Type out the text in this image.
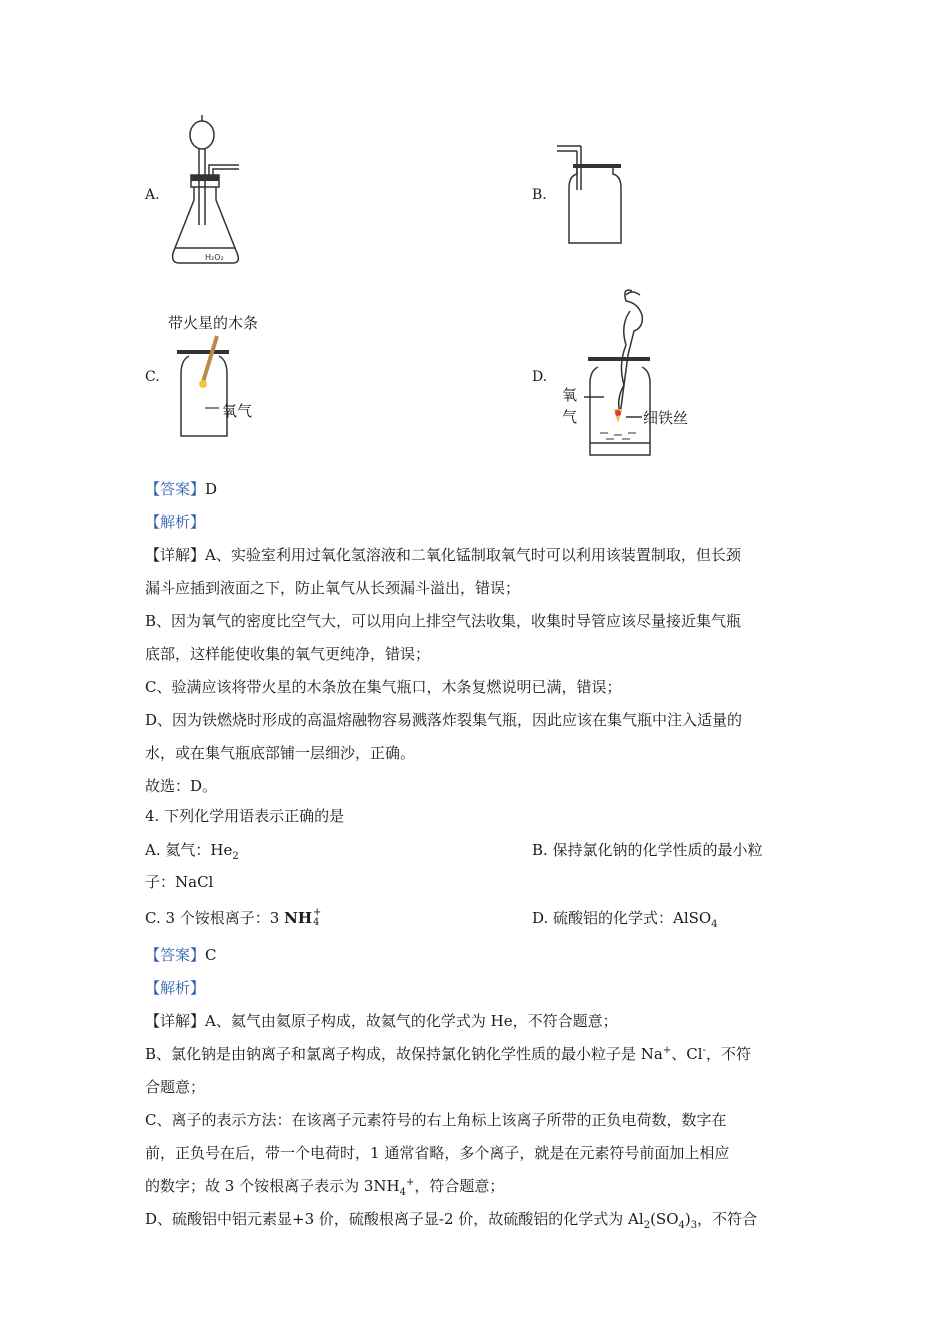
A.
H₂O₂
B.
带火星的木条
C.
氧气
D.
氧
气	细铁丝
【答案】D
【解析】
【详解】A、实验室利用过氧化氢溶液和二氧化锰制取氧气时可以利用该装置制取，但长颈
漏斗应插到液面之下，防止氧气从长颈漏斗溢出，错误；
B、因为氧气的密度比空气大，可以用向上排空气法收集，收集时导管应该尽量接近集气瓶
底部，这样能使收集的氧气更纯净，错误；
C、验满应该将带火星的木条放在集气瓶口，木条复燃说明已满，错误；
D、因为铁燃烧时形成的高温熔融物容易溅落炸裂集气瓶，因此应该在集气瓶中注入适量的
水，或在集气瓶底部铺一层细沙，正确。
故选：D。
4. 下列化学用语表示正确的是
A. 氦气：$He_2$	B. 保持氯化钠的化学性质的最小粒
子：NaCl
C. 3 个铵根离子：3 NH +
4	D. 硫酸铝的化学式：AlSO$_4$
【答案】C
【解析】
【详解】A、氦气由氦原子构成，故氦气的化学式为 He，不符合题意；
B、氯化钠是由钠离子和氯离子构成，故保持氯化钠化学性质的最小粒子是 Na+、Cl-，不符
合题意；
C、离子的表示方法：在该离子元素符号的右上角标上该离子所带的正负电荷数，数字在
前，正负号在后，带一个电荷时，1 通常省略，多个离子，就是在元素符号前面加上相应
的数字；故 3 个铵根离子表示为 $3NH_4^+$，符合题意；
D、硫酸铝中铝元素显+3 价，硫酸根离子显-2 价，故硫酸铝的化学式为 $Al_2(SO_4)_3$，不符合
